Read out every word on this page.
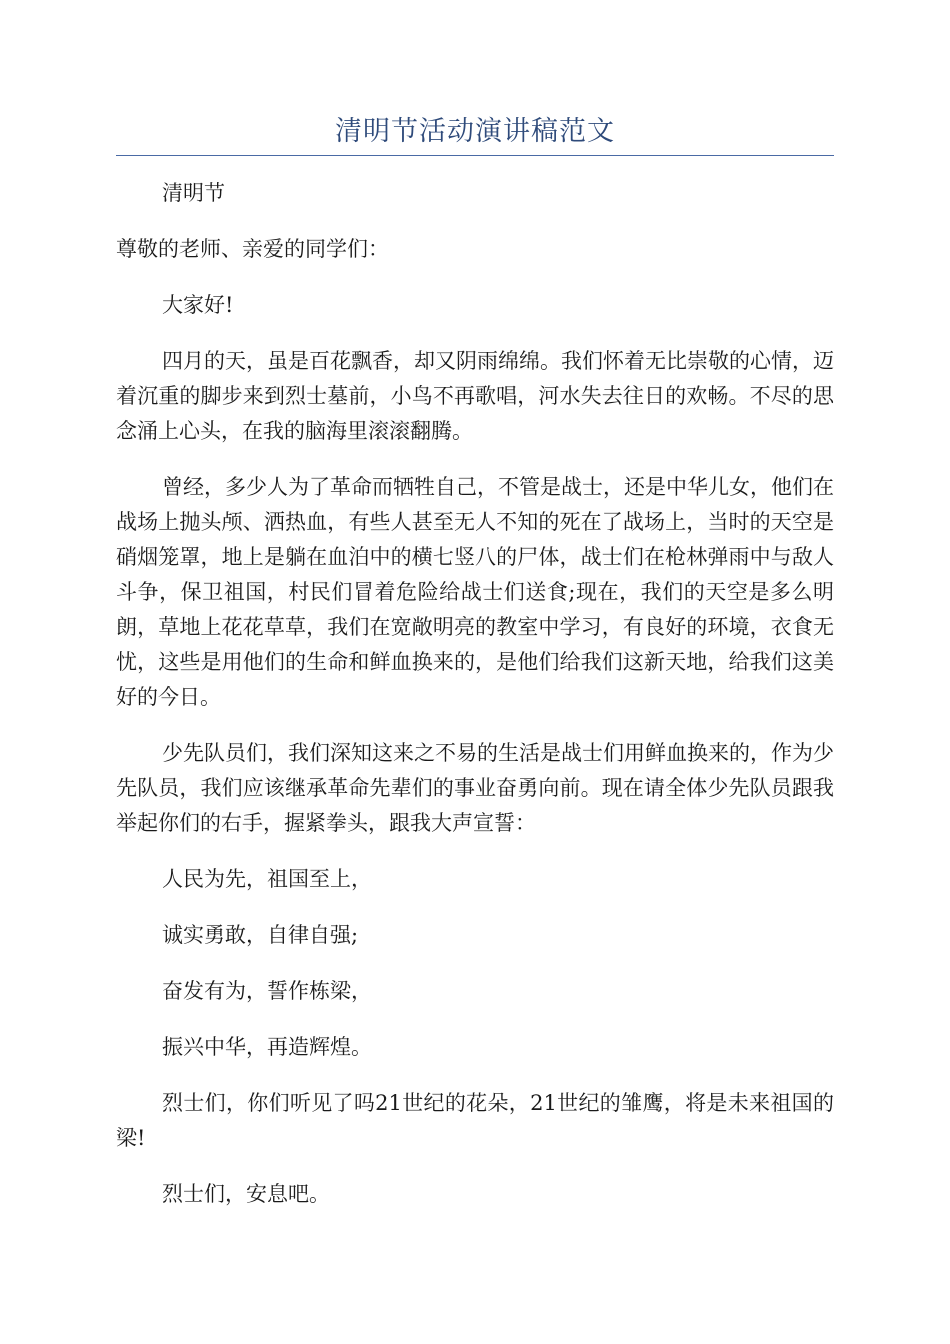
清明节活动演讲稿范文

清明节

尊敬的老师、亲爱的同学们：

大家好!

四月的天，虽是百花飘香，却又阴雨绵绵。我们怀着无比崇敬的心情，迈着沉重的脚步来到烈士墓前，小鸟不再歌唱，河水失去往日的欢畅。不尽的思念涌上心头，在我的脑海里滚滚翻腾。

曾经，多少人为了革命而牺牲自己，不管是战士，还是中华儿女，他们在战场上抛头颅、洒热血，有些人甚至无人不知的死在了战场上，当时的天空是硝烟笼罩，地上是躺在血泊中的横七竖八的尸体，战士们在枪林弹雨中与敌人斗争，保卫祖国，村民们冒着危险给战士们送食;现在，我们的天空是多么明朗，草地上花花草草，我们在宽敞明亮的教室中学习，有良好的环境，衣食无忧，这些是用他们的生命和鲜血换来的，是他们给我们这新天地，给我们这美好的今日。

少先队员们，我们深知这来之不易的生活是战士们用鲜血换来的，作为少先队员，我们应该继承革命先辈们的事业奋勇向前。现在请全体少先队员跟我举起你们的右手，握紧拳头，跟我大声宣誓：

人民为先，祖国至上，

诚实勇敢，自律自强;

奋发有为，誓作栋梁，

振兴中华，再造辉煌。

烈士们，你们听见了吗21世纪的花朵，21世纪的雏鹰，将是未来祖国的梁!

烈士们，安息吧。
